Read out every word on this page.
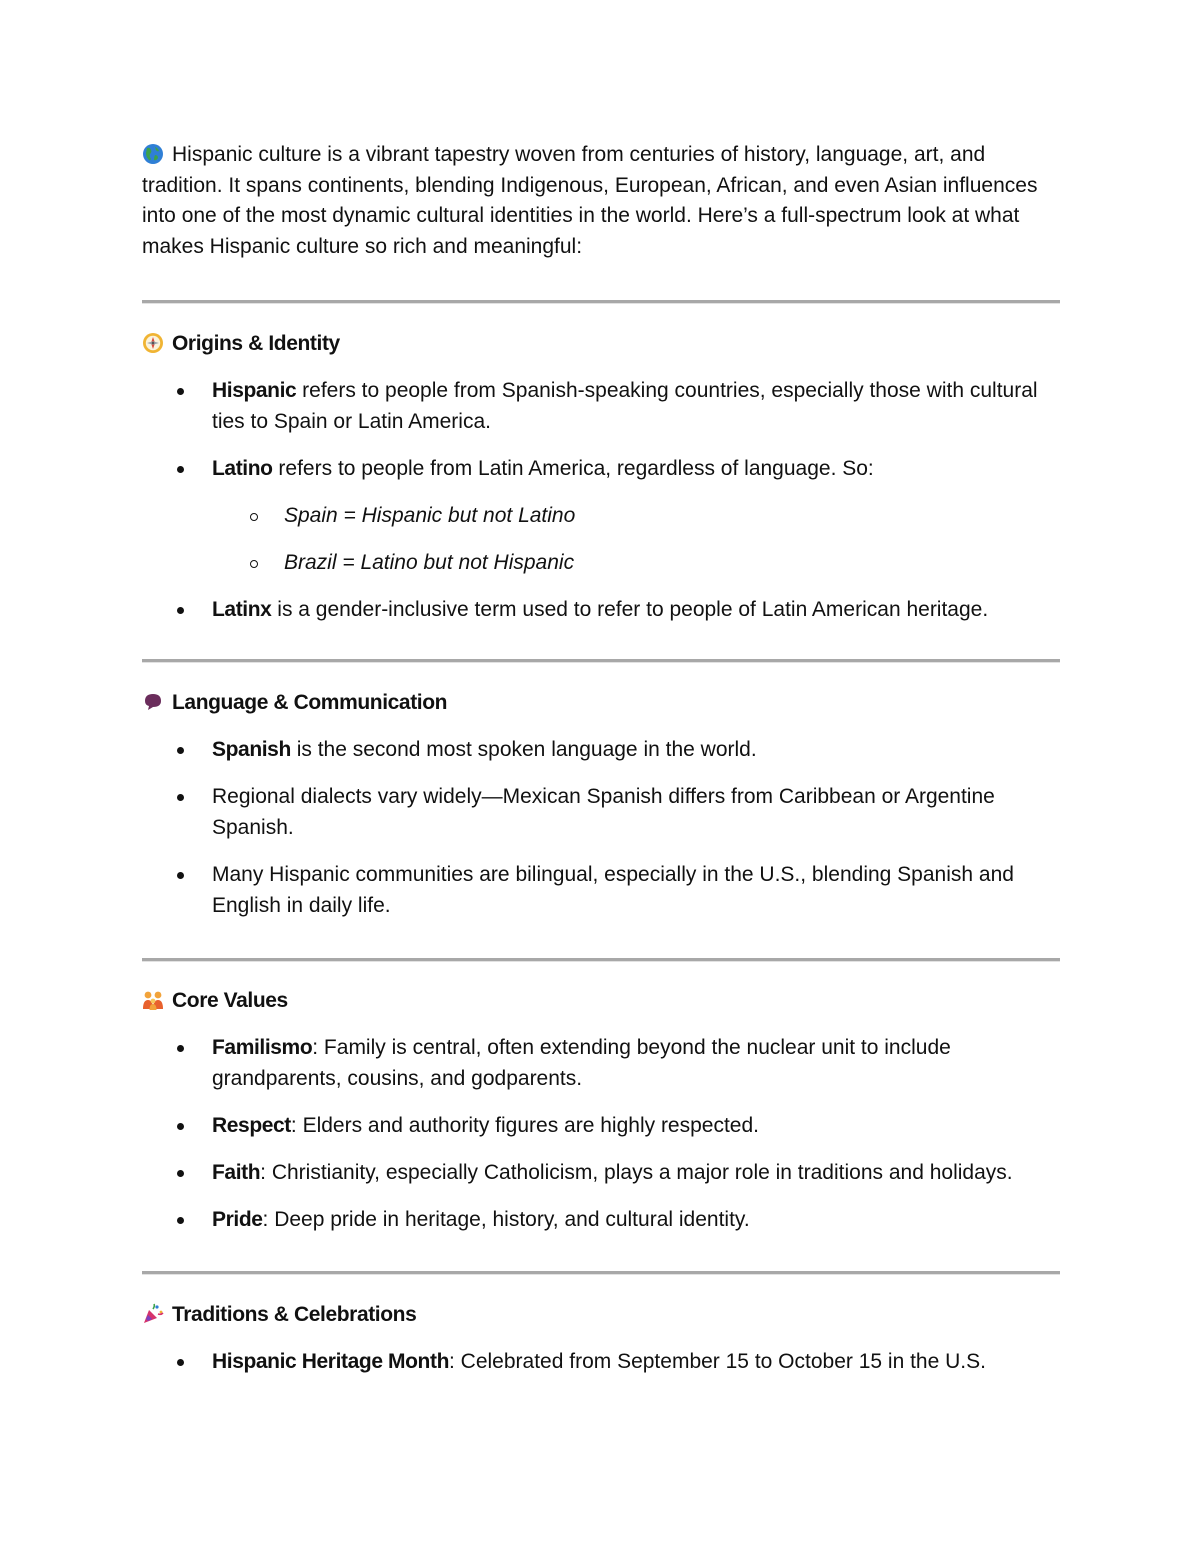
Hispanic culture is a vibrant tapestry woven from centuries of history, language, art, and tradition. It spans continents, blending Indigenous, European, African, and even Asian influences into one of the most dynamic cultural identities in the world. Here’s a full-spectrum look at what makes Hispanic culture so rich and meaningful:

Origins & Identity
Hispanic refers to people from Spanish-speaking countries, especially those with cultural ties to Spain or Latin America.
Latino refers to people from Latin America, regardless of language. So:
Spain = Hispanic but not Latino
Brazil = Latino but not Hispanic
Latinx is a gender-inclusive term used to refer to people of Latin American heritage.
Language & Communication
Spanish is the second most spoken language in the world.
Regional dialects vary widely—Mexican Spanish differs from Caribbean or Argentine Spanish.
Many Hispanic communities are bilingual, especially in the U.S., blending Spanish and English in daily life.
Core Values
Familismo: Family is central, often extending beyond the nuclear unit to include grandparents, cousins, and godparents.
Respect: Elders and authority figures are highly respected.
Faith: Christianity, especially Catholicism, plays a major role in traditions and holidays.
Pride: Deep pride in heritage, history, and cultural identity.
Traditions & Celebrations
Hispanic Heritage Month: Celebrated from September 15 to October 15 in the U.S.
